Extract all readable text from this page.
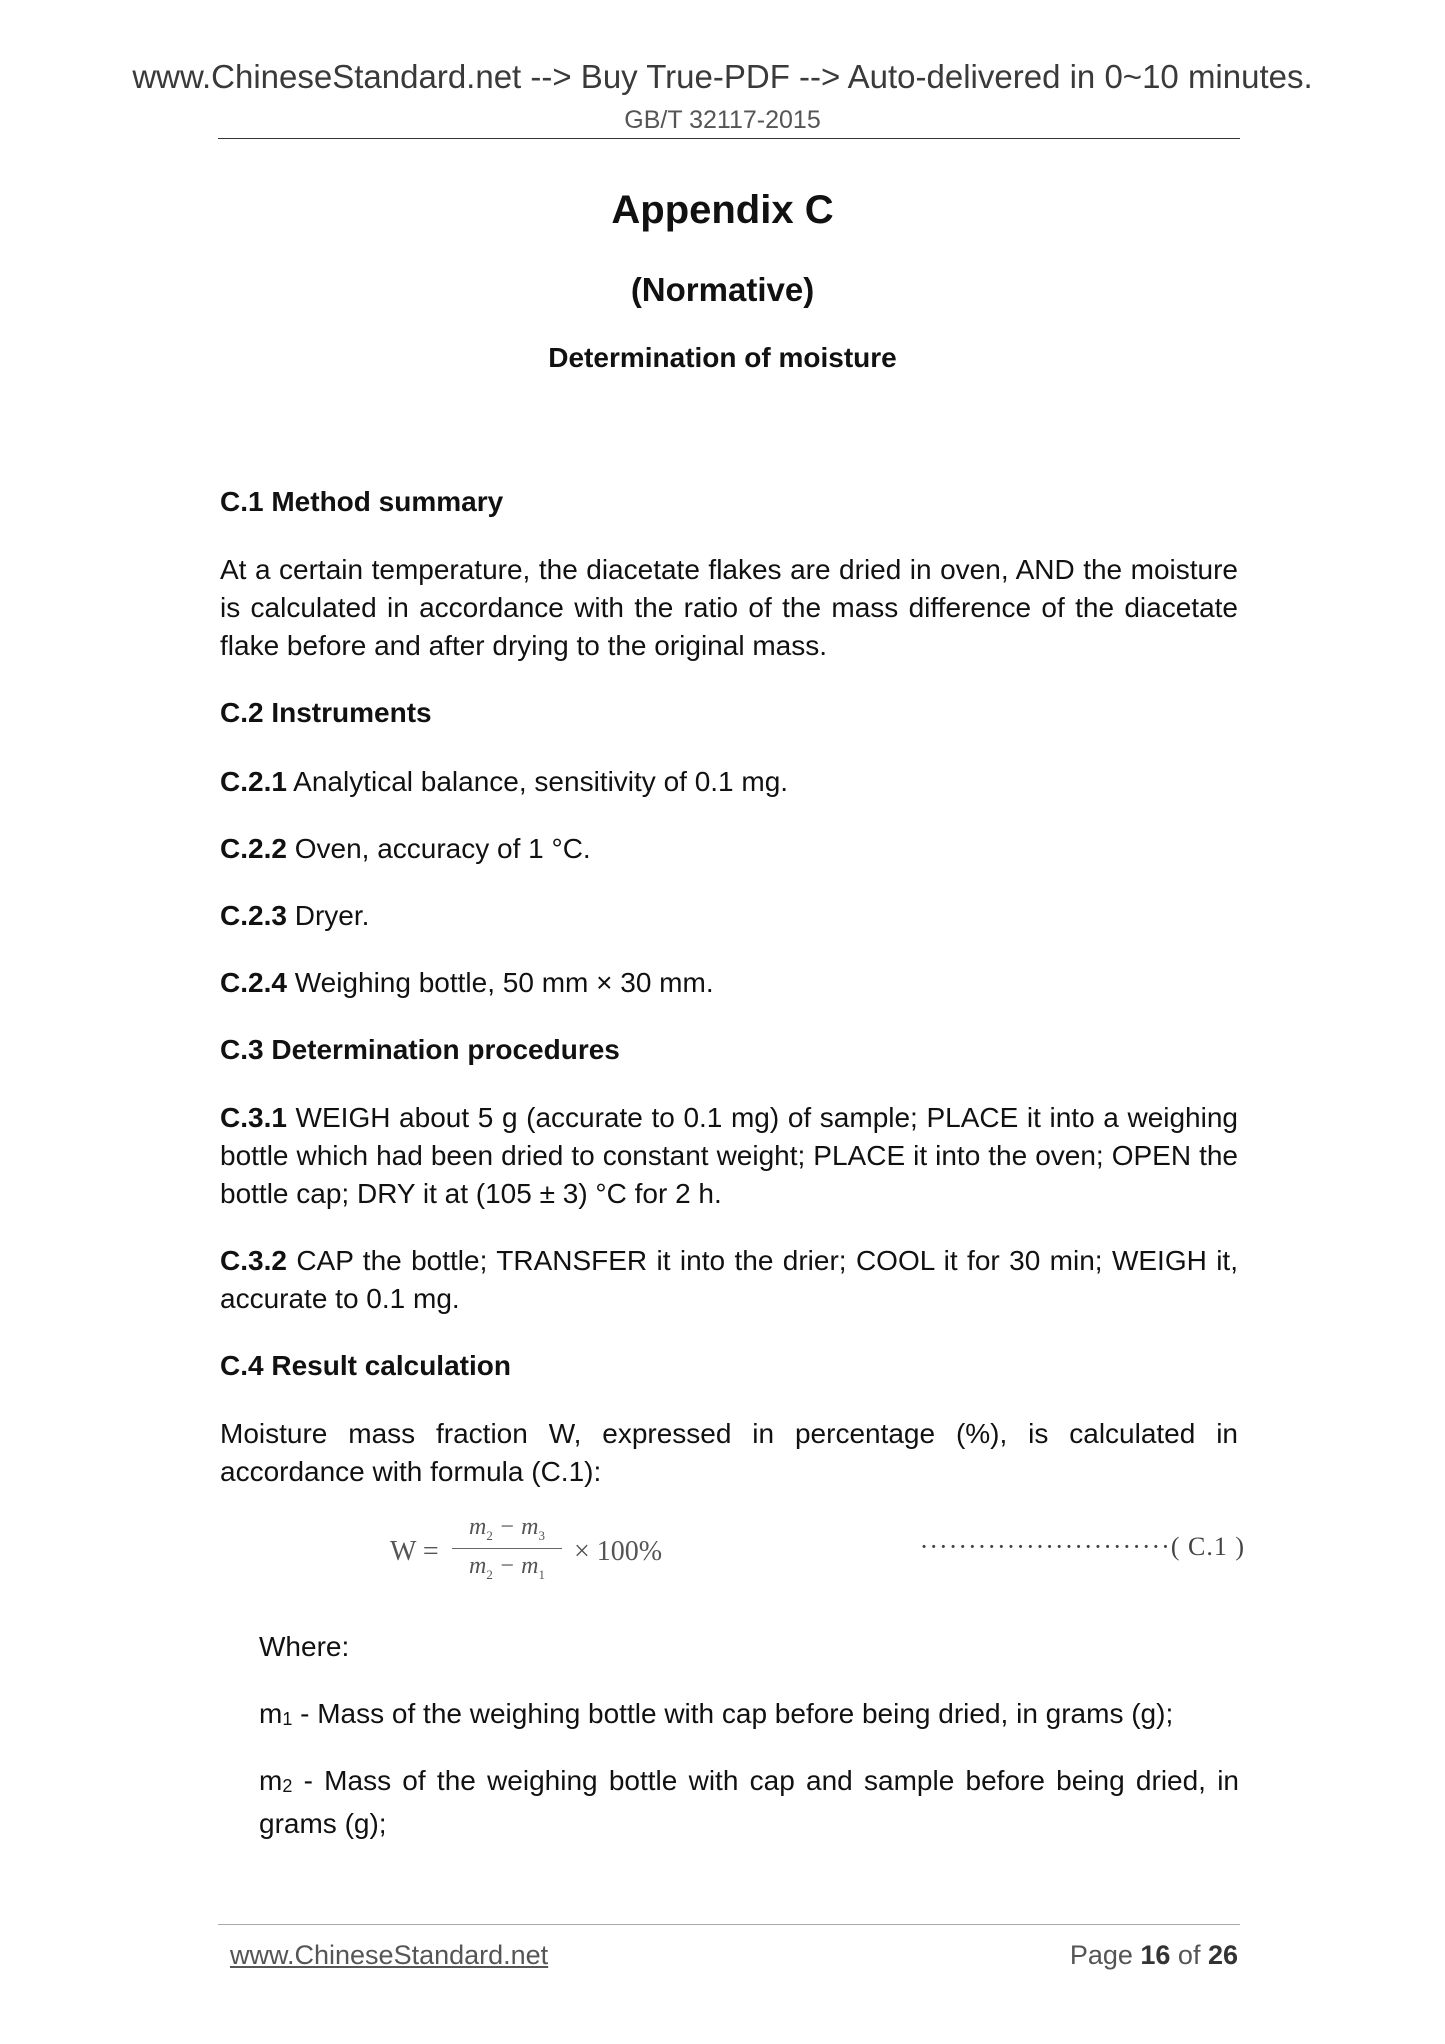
www.ChineseStandard.net --> Buy True-PDF --> Auto-delivered in 0~10 minutes.
GB/T 32117-2015
Appendix C
(Normative)
Determination of moisture
C.1 Method summary
At a certain temperature, the diacetate flakes are dried in oven, AND the moisture is calculated in accordance with the ratio of the mass difference of the diacetate flake before and after drying to the original mass.
C.2 Instruments
C.2.1 Analytical balance, sensitivity of 0.1 mg.
C.2.2 Oven, accuracy of 1 °C.
C.2.3 Dryer.
C.2.4 Weighing bottle, 50 mm × 30 mm.
C.3 Determination procedures
C.3.1 WEIGH about 5 g (accurate to 0.1 mg) of sample; PLACE it into a weighing bottle which had been dried to constant weight; PLACE it into the oven; OPEN the bottle cap; DRY it at (105 ± 3) °C for 2 h.
C.3.2 CAP the bottle; TRANSFER it into the drier; COOL it for 30 min; WEIGH it, accurate to 0.1 mg.
C.4 Result calculation
Moisture mass fraction W, expressed in percentage (%), is calculated in accordance with formula (C.1):
W =
$m_2 - m_3$
$m_2 - m_1$
× 100%	··························( C.1 )
Where:
$m_1$ - Mass of the weighing bottle with cap before being dried, in grams (g);
$m_2$ - Mass of the weighing bottle with cap and sample before being dried, in grams (g);
www.ChineseStandard.net	Page 16 of 26
